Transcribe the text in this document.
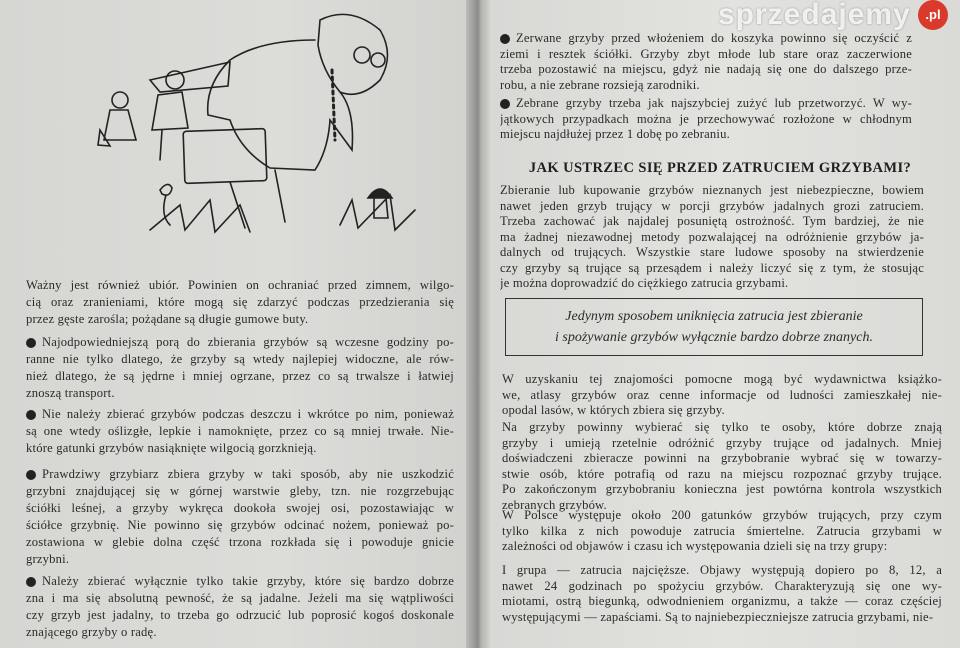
Ważny jest również ubiór. Powinien on ochraniać przed zimnem, wilgo-
cią oraz zranieniami, które mogą się zdarzyć podczas przedzierania się
przez gęste zarośla; pożądane są długie gumowe buty.
Najodpowiedniejszą porą do zbierania grzybów są wczesne godziny po-
ranne nie tylko dlatego, że grzyby są wtedy najlepiej widoczne, ale rów-
nież dlatego, że są jędrne i mniej ogrzane, przez co są trwalsze i łatwiej
znoszą transport.
Nie należy zbierać grzybów podczas deszczu i wkrótce po nim, ponieważ
są one wtedy oślizgłe, lepkie i namoknięte, przez co są mniej trwałe. Nie-
które gatunki grzybów nasiąknięte wilgocią gorzknieją.
Prawdziwy grzybiarz zbiera grzyby w taki sposób, aby nie uszkodzić
grzybni znajdującej się w górnej warstwie gleby, tzn. nie rozgrzebując
ściółki leśnej, a grzyby wykręca dookoła swojej osi, pozostawiając w
ściółce grzybnię. Nie powinno się grzybów odcinać nożem, ponieważ po-
zostawiona w glebie dolna część trzona rozkłada się i powoduje gnicie
grzybni.
Należy zbierać wyłącznie tylko takie grzyby, które się bardzo dobrze
zna i ma się absolutną pewność, że są jadalne. Jeżeli ma się wątpliwości
czy grzyb jest jadalny, to trzeba go odrzucić lub poprosić kogoś doskonale
znającego grzyby o radę.
JAK USTRZEC SIĘ PRZED ZATRUCIEM GRZYBAMI?
Jedynym sposobem uniknięcia zatrucia jest zbieranie
i spożywanie grzybów wyłącznie bardzo dobrze znanych.
Zerwane grzyby przed włożeniem do koszyka powinno się oczyścić z
ziemi i resztek ściółki. Grzyby zbyt młode lub stare oraz zaczerwione
trzeba pozostawić na miejscu, gdyż nie nadają się one do dalszego prze-
robu, a nie zebrane rozsieją zarodniki.
Zebrane grzyby trzeba jak najszybciej zużyć lub przetworzyć. W wy-
jątkowych przypadkach można je przechowywać rozłożone w chłodnym
miejscu najdłużej przez 1 dobę po zebraniu.
Zbieranie lub kupowanie grzybów nieznanych jest niebezpieczne, bowiem
nawet jeden grzyb trujący w porcji grzybów jadalnych grozi zatruciem.
Trzeba zachować jak najdalej posuniętą ostrożność. Tym bardziej, że nie
ma żadnej niezawodnej metody pozwalającej na odróżnienie grzybów ja-
dalnych od trujących. Wszystkie stare ludowe sposoby na stwierdzenie
czy grzyby są trujące są przesądem i należy liczyć się z tym, że stosując
je można doprowadzić do ciężkiego zatrucia grzybami.
W uzyskaniu tej znajomości pomocne mogą być wydawnictwa książko-
we, atlasy grzybów oraz cenne informacje od ludności zamieszkałej nie-
opodal lasów, w których zbiera się grzyby.
Na grzyby powinny wybierać się tylko te osoby, które dobrze znają
grzyby i umieją rzetelnie odróżnić grzyby trujące od jadalnych. Mniej
doświadczeni zbieracze powinni na grzybobranie wybrać się w towarzy-
stwie osób, które potrafią od razu na miejscu rozpoznać grzyby trujące.
Po zakończonym grzybobraniu konieczna jest powtórna kontrola wszystkich
zebranych grzybów.
W Polsce występuje około 200 gatunków grzybów trujących, przy czym
tylko kilka z nich powoduje zatrucia śmiertelne. Zatrucia grzybami w
zależności od objawów i czasu ich występowania dzieli się na trzy grupy:
I grupa — zatrucia najcięższe. Objawy występują dopiero po 8, 12, a
nawet 24 godzinach po spożyciu grzybów. Charakteryzują się one wy-
miotami, ostrą biegunką, odwodnieniem organizmu, a także — coraz częściej
występującymi — zapaściami. Są to najniebezpieczniejsze zatrucia grzybami, nie-
sprzedajemy	.pl
